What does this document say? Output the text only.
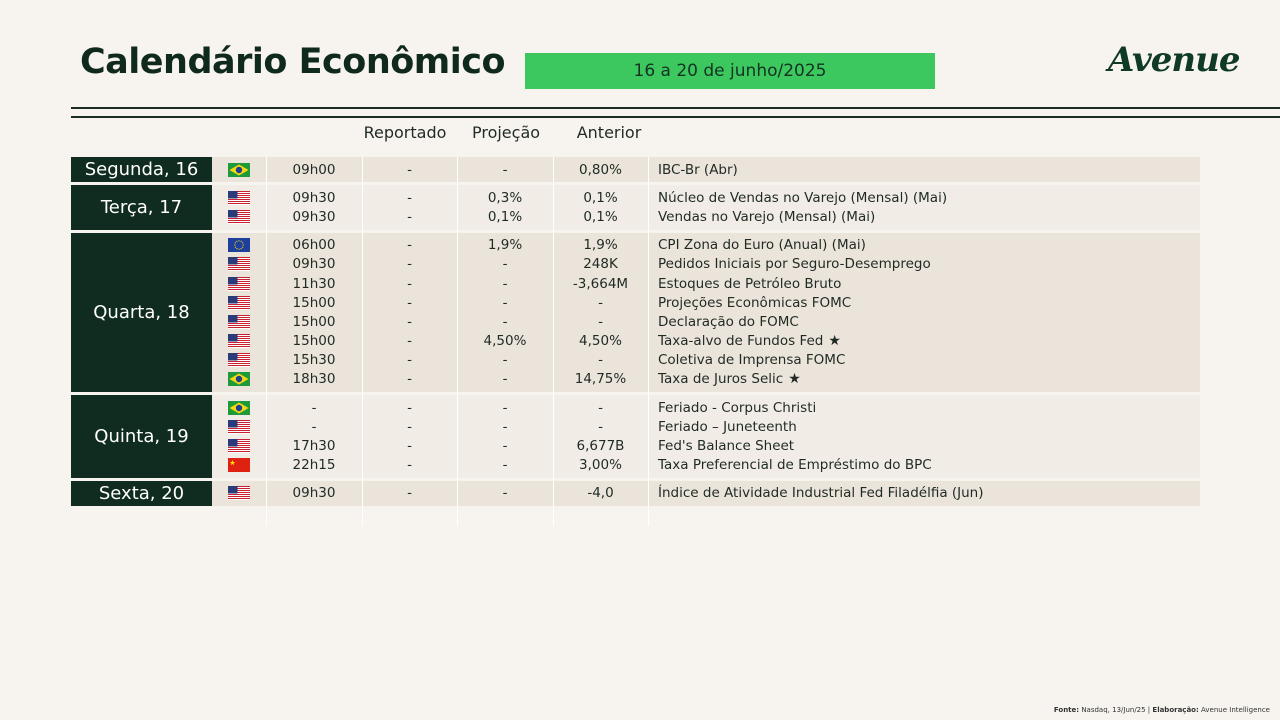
Calendário Econômico	16 a 20 de junho/2025	Avenue
Reportado	Projeção	Anterior
Segunda, 16	09h00	-	-	0,80%	IBC-Br (Abr)
Terça, 17	09h30	-	0,3%	0,1%	Núcleo de Vendas no Varejo (Mensal) (Mai)
09h30	-	0,1%	0,1%	Vendas no Varejo (Mensal) (Mai)
Quarta, 18
06h00	-	1,9%	1,9%	CPI Zona do Euro (Anual) (Mai)
09h30	-	-	248K	Pedidos Iniciais por Seguro-Desemprego
11h30	-	-	-3,664M	Estoques de Petróleo Bruto
15h00	-	-	-	Projeções Econômicas FOMC
15h00	-	-	-	Declaração do FOMC
15h00	-	4,50%	4,50%	Taxa-alvo de Fundos Fed ★
15h30	-	-	-	Coletiva de Imprensa FOMC
18h30	-	-	14,75%	Taxa de Juros Selic ★
Quinta, 19
-	-	-	-	Feriado - Corpus Christi
-	-	-	-	Feriado – Juneteenth
17h30	-	-	6,677B	Fed's Balance Sheet
22h15	-	-	3,00%	Taxa Preferencial de Empréstimo do BPC
Sexta, 20	09h30	-	-	-4,0	Índice de Atividade Industrial Fed Filadélfia (Jun)
Fonte: Nasdaq, 13/Jun/25 | Elaboração: Avenue Intelligence
